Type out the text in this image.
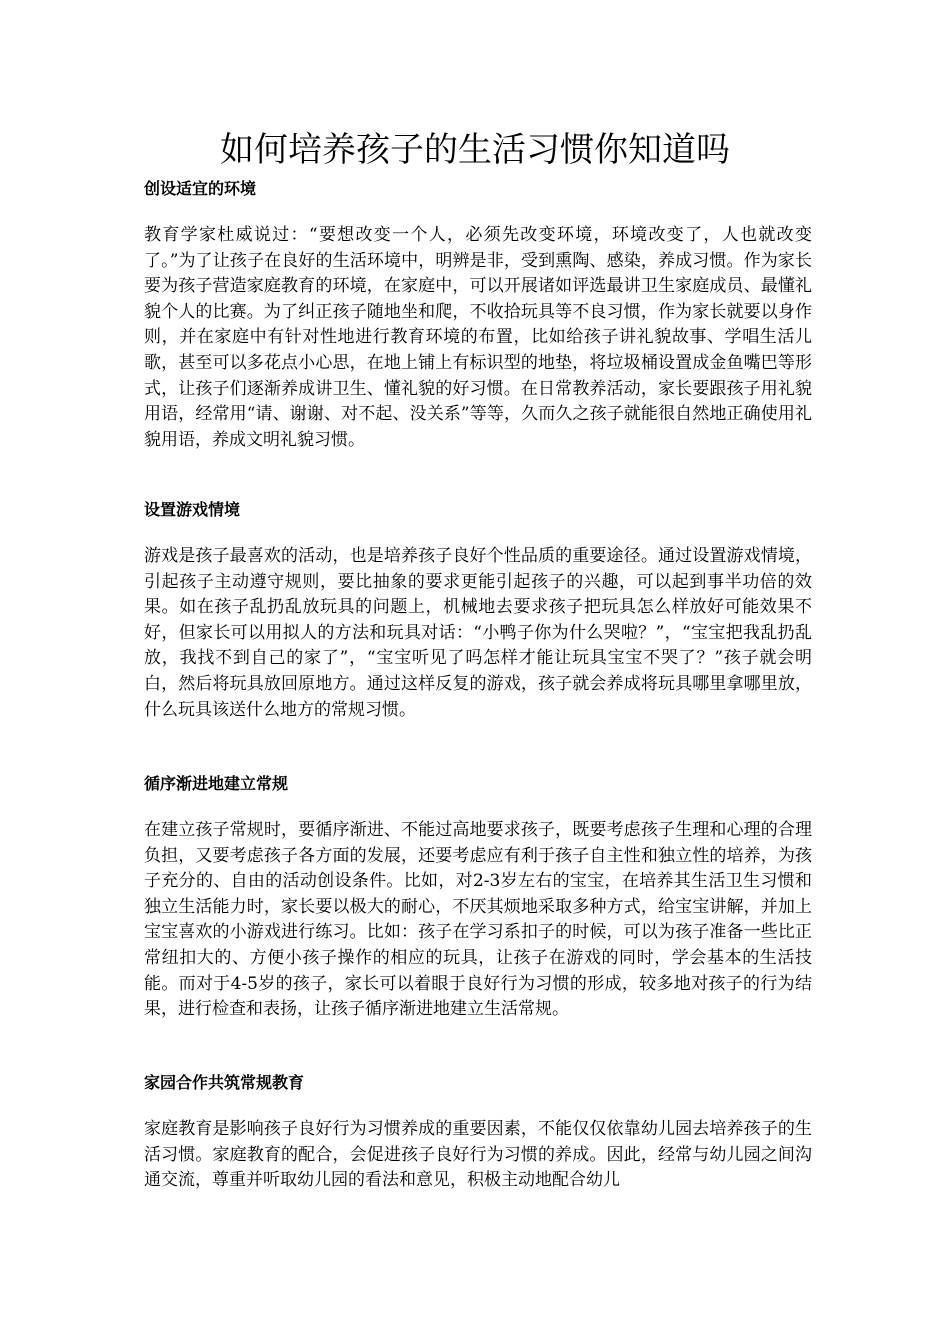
如何培养孩子的生活习惯你知道吗
创设适宜的环境

教育学家杜威说过：“要想改变一个人，必须先改变环境，环境改变了，人也就改变了。”为了让孩子在良好的生活环境中，明辨是非，受到熏陶、感染，养成习惯。作为家长要为孩子营造家庭教育的环境，在家庭中，可以开展诸如评选最讲卫生家庭成员、最懂礼貌个人的比赛。为了纠正孩子随地坐和爬，不收拾玩具等不良习惯，作为家长就要以身作则，并在家庭中有针对性地进行教育环境的布置，比如给孩子讲礼貌故事、学唱生活儿歌，甚至可以多花点小心思，在地上铺上有标识型的地垫，将垃圾桶设置成金鱼嘴巴等形式，让孩子们逐渐养成讲卫生、懂礼貌的好习惯。在日常教养活动，家长要跟孩子用礼貌用语，经常用“请、谢谢、对不起、没关系”等等，久而久之孩子就能很自然地正确使用礼貌用语，养成文明礼貌习惯。

设置游戏情境

游戏是孩子最喜欢的活动，也是培养孩子良好个性品质的重要途径。通过设置游戏情境，引起孩子主动遵守规则，要比抽象的要求更能引起孩子的兴趣，可以起到事半功倍的效果。如在孩子乱扔乱放玩具的问题上，机械地去要求孩子把玩具怎么样放好可能效果不好，但家长可以用拟人的方法和玩具对话：“小鸭子你为什么哭啦？”，“宝宝把我乱扔乱放，我找不到自己的家了”，“宝宝听见了吗怎样才能让玩具宝宝不哭了？”孩子就会明白，然后将玩具放回原地方。通过这样反复的游戏，孩子就会养成将玩具哪里拿哪里放，什么玩具该送什么地方的常规习惯。

循序渐进地建立常规

在建立孩子常规时，要循序渐进、不能过高地要求孩子，既要考虑孩子生理和心理的合理负担，又要考虑孩子各方面的发展，还要考虑应有利于孩子自主性和独立性的培养，为孩子充分的、自由的活动创设条件。比如，对2-3岁左右的宝宝，在培养其生活卫生习惯和独立生活能力时，家长要以极大的耐心，不厌其烦地采取多种方式，给宝宝讲解，并加上宝宝喜欢的小游戏进行练习。比如：孩子在学习系扣子的时候，可以为孩子准备一些比正常纽扣大的、方便小孩子操作的相应的玩具，让孩子在游戏的同时，学会基本的生活技能。而对于4-5岁的孩子，家长可以着眼于良好行为习惯的形成，较多地对孩子的行为结果，进行检查和表扬，让孩子循序渐进地建立生活常规。

家园合作共筑常规教育

家庭教育是影响孩子良好行为习惯养成的重要因素，不能仅仅依靠幼儿园去培养孩子的生活习惯。家庭教育的配合，会促进孩子良好行为习惯的养成。因此，经常与幼儿园之间沟通交流，尊重并听取幼儿园的看法和意见，积极主动地配合幼儿
